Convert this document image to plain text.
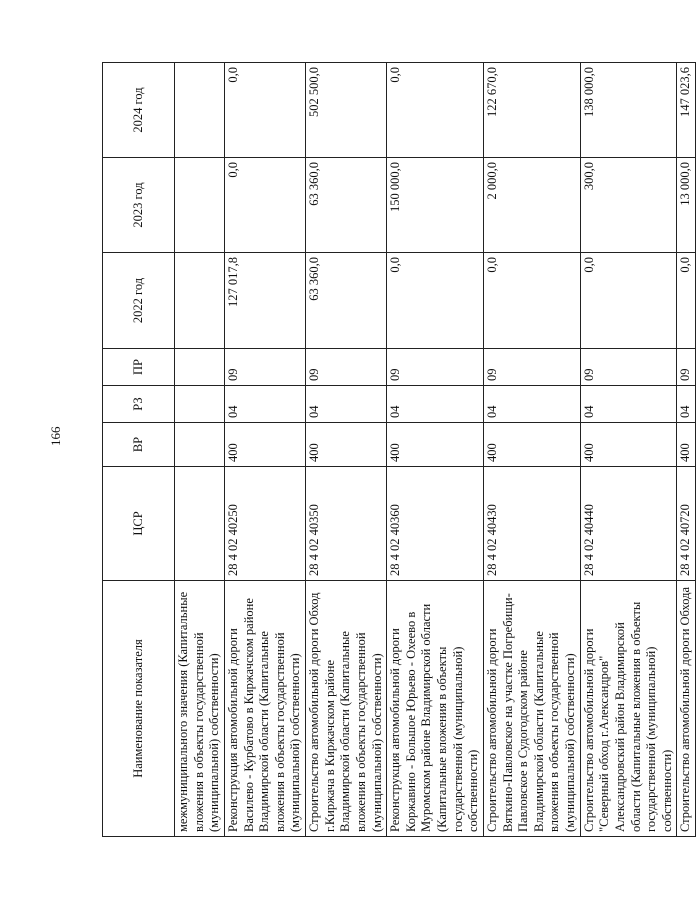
166
Наименование показателя	ЦСР	ВР	РЗ	ПР	2022 год	2023 год	2024 год
межмуниципального значения (Капитальные вложения в объекты государственной (муниципальной) собственности)							
Реконструкция автомобильной дороги Василево - Курбатово в Киржачском районе Владимирской области (Капитальные вложения в объекты государственной (муниципальной) собственности)	28 4 02 40250	400	04	09	127 017,8	0,0	0,0
Строительство автомобильной дороги Обход г.Киржача в Киржачском районе Владимирской области (Капитальные вложения в объекты государственной (муниципальной) собственности)	28 4 02 40350	400	04	09	63 360,0	63 360,0	502 500,0
Реконструкция автомобильной дороги Коржавино - Большое Юрьево - Охеево в Муромском районе Владимирской области (Капитальные вложения в объекты государственной (муниципальной) собственности)	28 4 02 40360	400	04	09	0,0	150 000,0	0,0
Строительство автомобильной дороги Вяткино-Павловское на участке Погребищи-Павловское в Судогодском районе Владимирской области (Капитальные вложения в объекты государственной (муниципальной) собственности)	28 4 02 40430	400	04	09	0,0	2 000,0	122 670,0
Строительство автомобильной дороги "Северный обход г.Александров" Александровский район Владимирской области (Капитальные вложения в объекты государственной (муниципальной) собственности)	28 4 02 40440	400	04	09	0,0	300,0	138 000,0
Строительство автомобильной дороги Обхода	28 4 02 40720	400	04	09	0,0	13 000,0	147 023,6
